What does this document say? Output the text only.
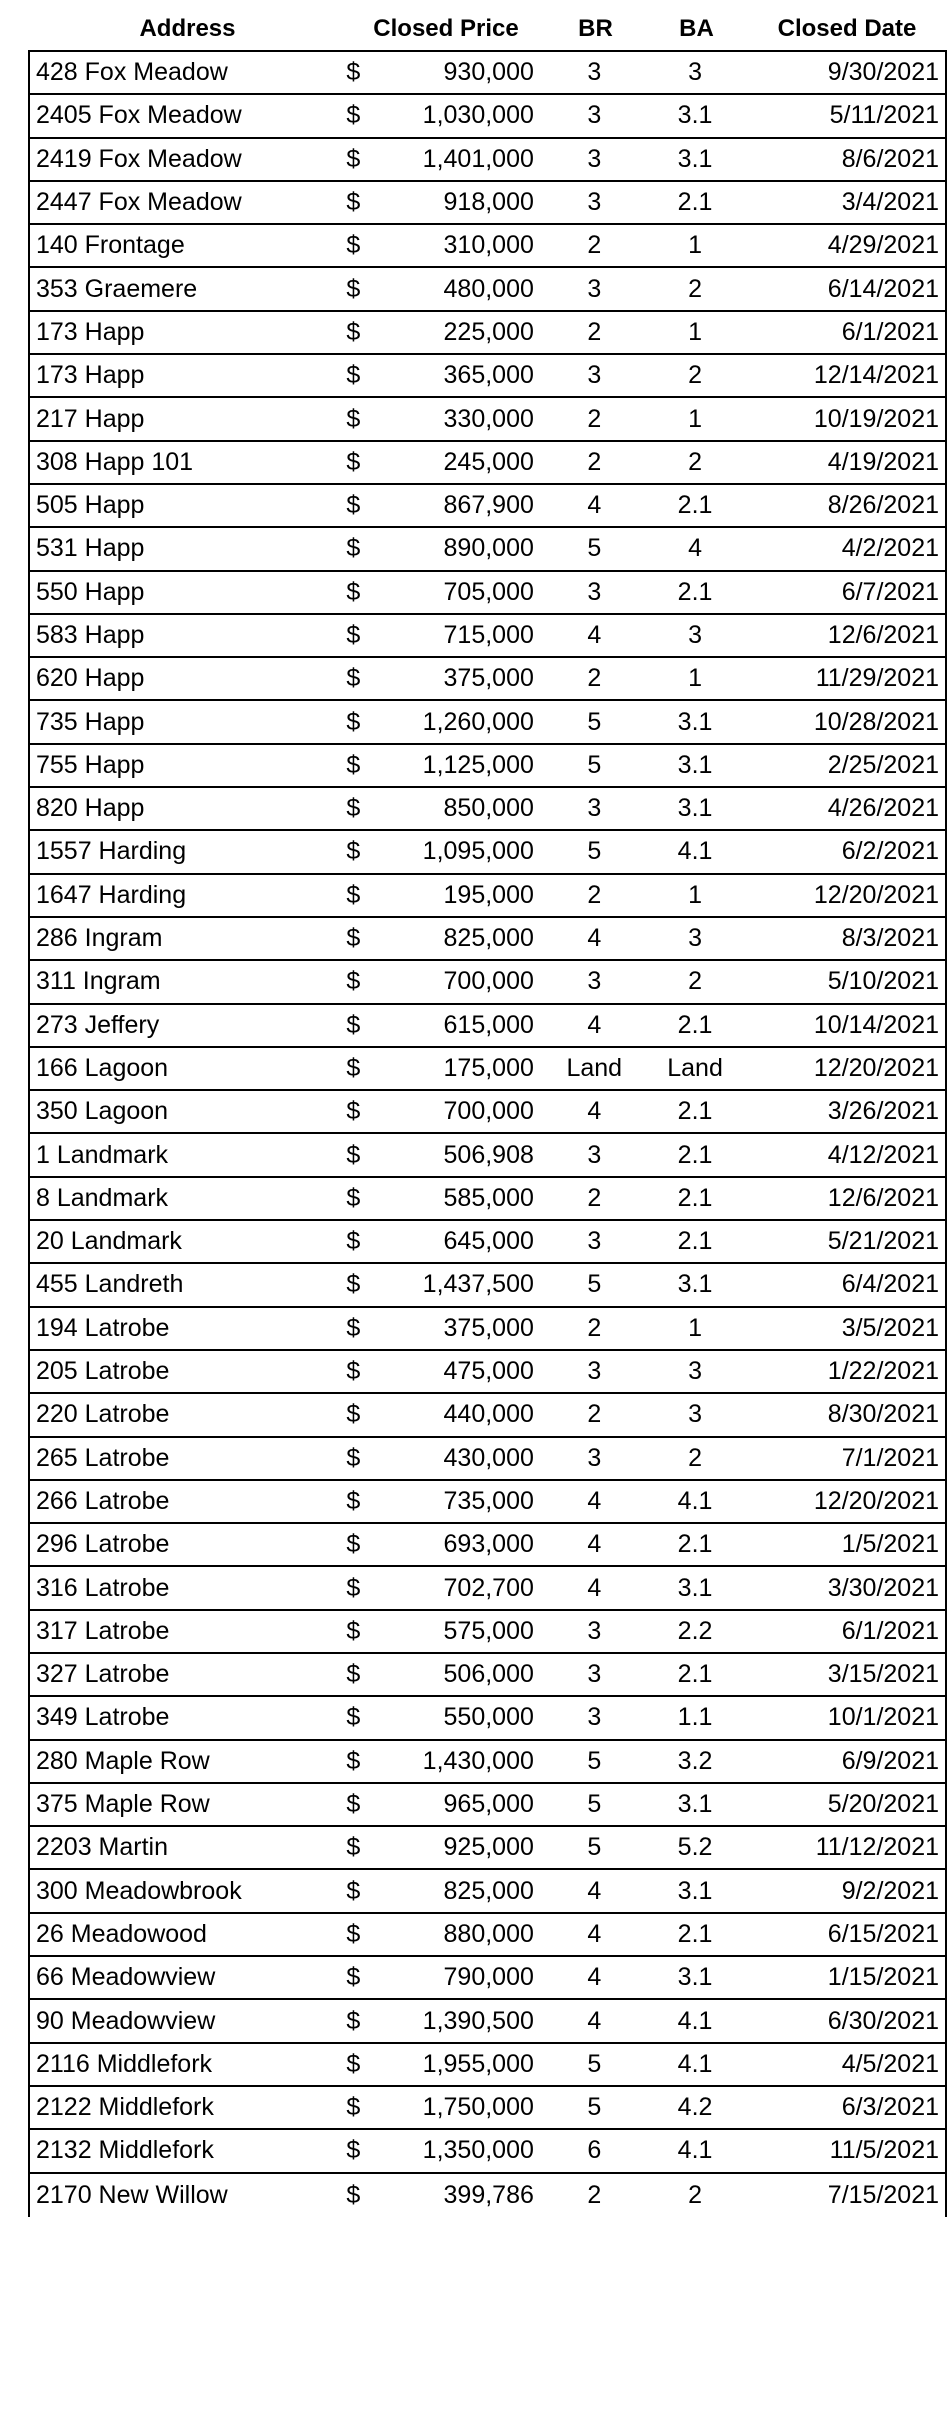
Address	Closed Price	BR	BA	Closed Date
428 Fox Meadow	$	930,000	3	3	9/30/2021
2405 Fox Meadow	$ 1,030,000	3	3.1	5/11/2021
2419 Fox Meadow	$ 1,401,000	3	3.1	8/6/2021
2447 Fox Meadow	$	918,000	3	2.1	3/4/2021
140 Frontage	$	310,000	2	1	4/29/2021
353 Graemere	$	480,000	3	2	6/14/2021
173 Happ	$	225,000	2	1	6/1/2021
173 Happ	$	365,000	3	2	12/14/2021
217 Happ	$	330,000	2	1	10/19/2021
308 Happ 101	$	245,000	2	2	4/19/2021
505 Happ	$	867,900	4	2.1	8/26/2021
531 Happ	$	890,000	5	4	4/2/2021
550 Happ	$	705,000	3	2.1	6/7/2021
583 Happ	$	715,000	4	3	12/6/2021
620 Happ	$	375,000	2	1	11/29/2021
735 Happ	$ 1,260,000	5	3.1	10/28/2021
755 Happ	$ 1,125,000	5	3.1	2/25/2021
820 Happ	$	850,000	3	3.1	4/26/2021
1557 Harding	$ 1,095,000	5	4.1	6/2/2021
1647 Harding	$	195,000	2	1	12/20/2021
286 Ingram	$	825,000	4	3	8/3/2021
311 Ingram	$	700,000	3	2	5/10/2021
273 Jeffery	$	615,000	4	2.1	10/14/2021
166 Lagoon	$	175,000	Land	Land	12/20/2021
350 Lagoon	$	700,000	4	2.1	3/26/2021
1 Landmark	$	506,908	3	2.1	4/12/2021
8 Landmark	$	585,000	2	2.1	12/6/2021
20 Landmark	$	645,000	3	2.1	5/21/2021
455 Landreth	$ 1,437,500	5	3.1	6/4/2021
194 Latrobe	$	375,000	2	1	3/5/2021
205 Latrobe	$	475,000	3	3	1/22/2021
220 Latrobe	$	440,000	2	3	8/30/2021
265 Latrobe	$	430,000	3	2	7/1/2021
266 Latrobe	$	735,000	4	4.1	12/20/2021
296 Latrobe	$	693,000	4	2.1	1/5/2021
316 Latrobe	$	702,700	4	3.1	3/30/2021
317 Latrobe	$	575,000	3	2.2	6/1/2021
327 Latrobe	$	506,000	3	2.1	3/15/2021
349 Latrobe	$	550,000	3	1.1	10/1/2021
280 Maple Row	$ 1,430,000	5	3.2	6/9/2021
375 Maple Row	$	965,000	5	3.1	5/20/2021
2203 Martin	$	925,000	5	5.2	11/12/2021
300 Meadowbrook	$	825,000	4	3.1	9/2/2021
26 Meadowood	$	880,000	4	2.1	6/15/2021
66 Meadowview	$	790,000	4	3.1	1/15/2021
90 Meadowview	$ 1,390,500	4	4.1	6/30/2021
2116 Middlefork	$ 1,955,000	5	4.1	4/5/2021
2122 Middlefork	$ 1,750,000	5	4.2	6/3/2021
2132 Middlefork	$ 1,350,000	6	4.1	11/5/2021
2170 New Willow	$	399,786	2	2	7/15/2021
